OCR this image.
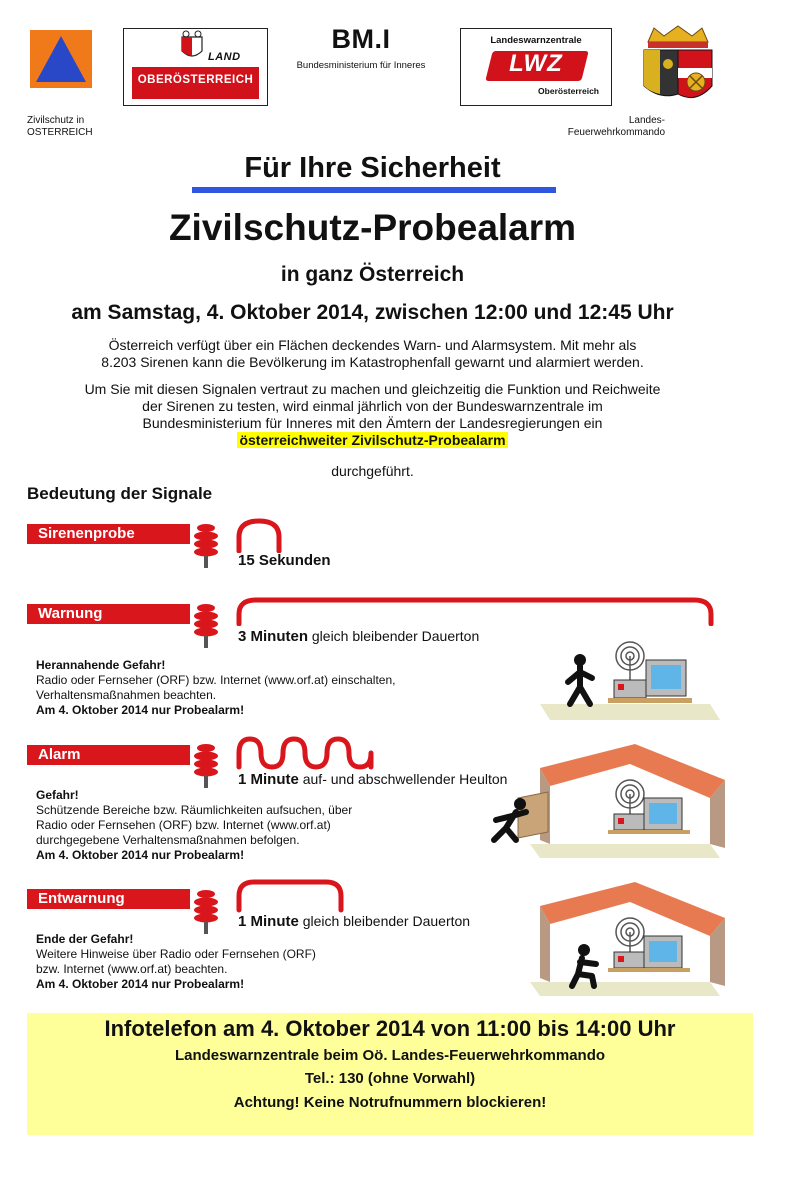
Zivilschutz in
OSTERREICH
LAND
OBERÖSTERREICH
BM.I
Bundesministerium für Inneres
Landeswarnzentrale
LWZ
Oberösterreich
Landes-
Feuerwehrkommando
Für Ihre Sicherheit
Zivilschutz-Probealarm
in ganz Österreich
am Samstag, 4. Oktober 2014, zwischen 12:00 und 12:45 Uhr
Österreich verfügt über ein Flächen deckendes Warn- und Alarmsystem. Mit mehr als
8.203 Sirenen kann die Bevölkerung im Katastrophenfall gewarnt und alarmiert werden.
Um Sie mit diesen Signalen vertraut zu machen und gleichzeitig die Funktion und Reichweite
der Sirenen zu testen, wird einmal jährlich von der Bundeswarnzentrale im
Bundesministerium für Inneres mit den Ämtern der Landesregierungen ein
österreichweiter Zivilschutz-Probealarm
durchgeführt.
Bedeutung der Signale
Sirenenprobe
15 Sekunden
Warnung
3 Minuten gleich bleibender Dauerton
Herannahende Gefahr!
Radio oder Fernseher (ORF) bzw. Internet (www.orf.at) einschalten,
Verhaltensmaßnahmen beachten.
Am 4. Oktober 2014 nur Probealarm!
Alarm
1 Minute auf- und abschwellender Heulton
Gefahr!
Schützende Bereiche bzw. Räumlichkeiten aufsuchen, über
Radio oder Fernsehen (ORF) bzw. Internet (www.orf.at)
durchgegebene Verhaltensmaßnahmen befolgen.
Am 4. Oktober 2014 nur Probealarm!
Entwarnung
1 Minute gleich bleibender Dauerton
Ende der Gefahr!
Weitere Hinweise über Radio oder Fernsehen (ORF)
bzw. Internet (www.orf.at) beachten.
Am 4. Oktober 2014 nur Probealarm!
Infotelefon am 4. Oktober 2014 von 11:00 bis 14:00 Uhr
Landeswarnzentrale beim Oö. Landes-Feuerwehrkommando
Tel.: 130 (ohne Vorwahl)
Achtung! Keine Notrufnummern blockieren!
